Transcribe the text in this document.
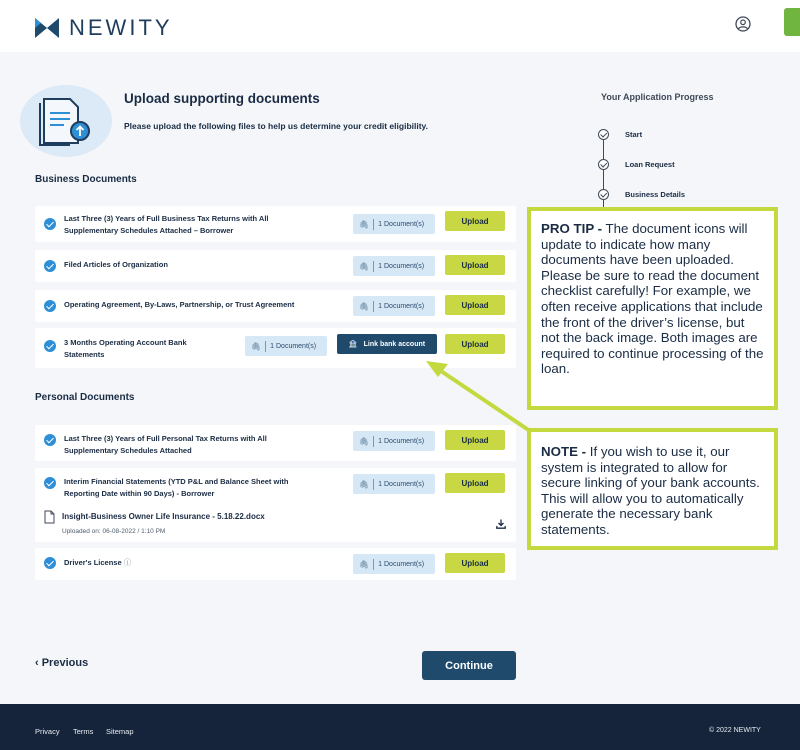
NEWITY
Upload supporting documents
Please upload the following files to help us determine your credit eligibility.
Business Documents
Last Three (3) Years of Full Business Tax Returns with All
Supplementary Schedules Attached – Borrower
🖇 1 Document(s)	Upload
Filed Articles of Organization	🖇 1 Document(s)	Upload
Operating Agreement, By-Laws, Partnership, or Trust Agreement	🖇 1 Document(s)	Upload
3 Months Operating Account Bank
Statements
🖇 1 Document(s)	🏦 Link bank account	Upload
Personal Documents
Last Three (3) Years of Full Personal Tax Returns with All
Supplementary Schedules Attached
🖇 1 Document(s)	Upload
Interim Financial Statements (YTD P&L and Balance Sheet with
Reporting Date within 90 Days) - Borrower
🖇 1 Document(s)	Upload
Insight-Business Owner Life Insurance - 5.18.22.docx
Uploaded on: 06-08-2022 / 1:10 PM
Driver's License ⓘ	🖇 1 Document(s)	Upload
Your Application Progress
Start
Loan Request
Business Details
PRO TIP - The document icons will update to indicate how many documents have been uploaded. Please be sure to read the document checklist carefully! For example, we often receive applications that include the front of the driver’s license, but not the back image. Both images are required to continue processing of the loan.
NOTE - If you wish to use it, our system is integrated to allow for secure linking of your bank accounts. This will allow you to automatically generate the necessary bank statements.
‹ Previous	Continue
Privacy Terms Sitemap	© 2022 NEWITY
